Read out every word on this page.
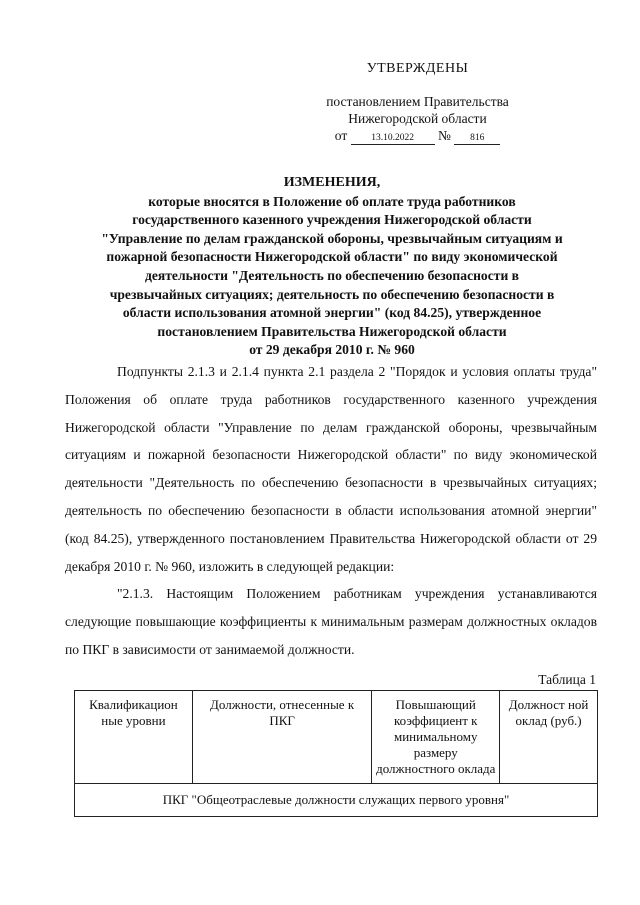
УТВЕРЖДЕНЫ
постановлением Правительства
Нижегородской области
от	13.10.2022 № 816
ИЗМЕНЕНИЯ,
которые вносятся в Положение об оплате труда работников
государственного казенного учреждения Нижегородской области
"Управление по делам гражданской обороны, чрезвычайным ситуациям и
пожарной безопасности Нижегородской области" по виду экономической
деятельности "Деятельность по обеспечению безопасности в
чрезвычайных ситуациях; деятельность по обеспечению безопасности в
области использования атомной энергии" (код 84.25), утвержденное
постановлением Правительства Нижегородской области
от 29 декабря 2010 г. № 960

Подпункты 2.1.3 и 2.1.4 пункта 2.1 раздела 2 "Порядок и условия оплаты труда" Положения об оплате труда работников государственного казенного учреждения Нижегородской области "Управление по делам гражданской обороны, чрезвычайным ситуациям и пожарной безопасности Нижегородской области" по виду экономической деятельности "Деятельность по обеспечению безопасности в чрезвычайных ситуациях; деятельность по обеспечению безопасности в области использования атомной энергии" (код 84.25), утвержденного постановлением Правительства Нижегородской области от 29 декабря 2010 г. № 960, изложить в следующей редакции:

"2.1.3. Настоящим Положением работникам учреждения устанавливаются следующие повышающие коэффициенты к минимальным размерам должностных окладов по ПКГ в зависимости от занимаемой должности.

Таблица 1
Квалификацион ные уровни	Должности, отнесенные к ПКГ	Повышающий коэффициент к минимальному размеру должностного оклада	Должност ной оклад (руб.)
ПКГ "Общеотраслевые должности служащих первого уровня"
